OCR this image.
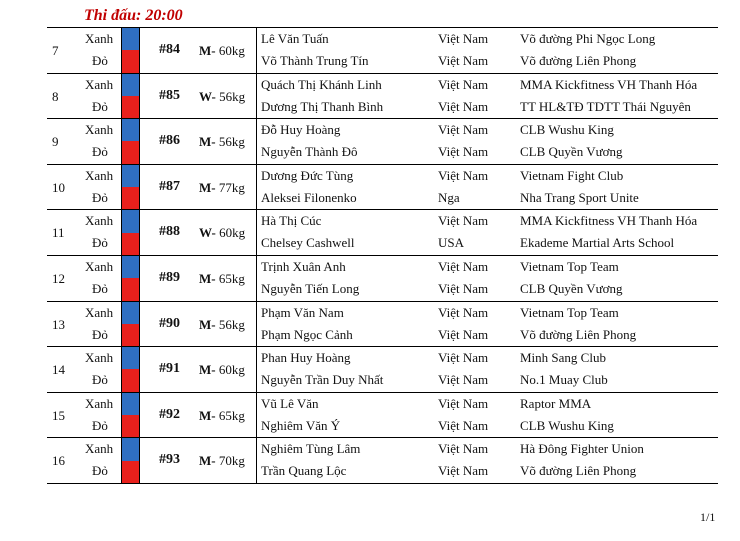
Thi đấu: 20:00
7
Xanh
Đỏ
#84 M- 60kg
Lê Văn Tuấn
Võ Thành Trung Tín
Việt Nam
Việt Nam
Võ đường Phi Ngọc Long
Võ đường Liên Phong
8
Xanh
Đỏ
#85 W- 56kg
Quách Thị Khánh Linh
Dương Thị Thanh Bình
Việt Nam
Việt Nam
MMA Kickfitness VH Thanh Hóa
TT HL&TĐ TDTT Thái Nguyên
9
Xanh
Đỏ
#86 M- 56kg
Đỗ Huy Hoàng
Nguyễn Thành Đô
Việt Nam
Việt Nam
CLB Wushu King
CLB Quyền Vương
10
Xanh
Đỏ
#87 M- 77kg
Dương Đức Tùng
Aleksei Filonenko
Việt Nam
Nga
Vietnam Fight Club
Nha Trang Sport Unite
11
Xanh
Đỏ
#88 W- 60kg
Hà Thị Cúc
Chelsey Cashwell
Việt Nam
USA
MMA Kickfitness VH Thanh Hóa
Ekademe Martial Arts School
12
Xanh
Đỏ
#89 M- 65kg
Trịnh Xuân Anh
Nguyễn Tiến Long
Việt Nam
Việt Nam
Vietnam Top Team
CLB Quyền Vương
13
Xanh
Đỏ
#90 M- 56kg
Phạm Văn Nam
Phạm Ngọc Cảnh
Việt Nam
Việt Nam
Vietnam Top Team
Võ đường Liên Phong
14
Xanh
Đỏ
#91 M- 60kg
Phan Huy Hoàng
Nguyễn Trần Duy Nhất
Việt Nam
Việt Nam
Minh Sang Club
No.1 Muay Club
15
Xanh
Đỏ
#92 M- 65kg
Vũ Lê Văn
Nghiêm Văn Ý
Việt Nam
Việt Nam
Raptor MMA
CLB Wushu King
16
Xanh
Đỏ
#93 M- 70kg
Nghiêm Tùng Lâm
Trần Quang Lộc
Việt Nam
Việt Nam
Hà Đông Fighter Union
Võ đường Liên Phong
1/1
